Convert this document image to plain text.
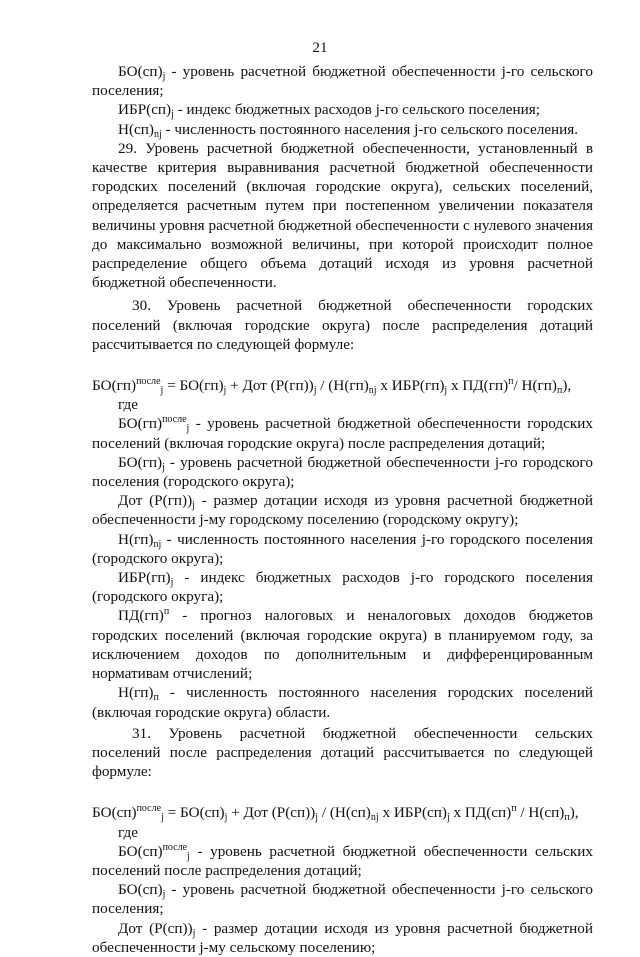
21

$БО(сп)_j$ - уровень расчетной бюджетной обеспеченности j-го сельского поселения;

$ИБР(сп)_j$ - индекс бюджетных расходов j-го сельского поселения;

$Н(сп)_{nj}$ - численность постоянного населения j-го сельского поселения.

29. Уровень расчетной бюджетной обеспеченности, установленный в качестве критерия выравнивания расчетной бюджетной обеспеченности городских поселений (включая городские округа), сельских поселений, определяется расчетным путем при постепенном увеличении показателя величины уровня расчетной бюджетной обеспеченности с нулевого значения до максимально возможной величины, при которой происходит полное распределение общего объема дотаций исходя из уровня расчетной бюджетной обеспеченности.

30. Уровень расчетной бюджетной обеспеченности городских поселений (включая городские округа) после распределения дотаций рассчитывается по следующей формуле:

$БО(гп)^{после}_j = БО(гп)_j$ + Дот $(Р(гп))_j / (Н(гп)_{nj}$ х $ИБР(гп)_j$ х ПД(гп)$^п$/ $Н(гп)_п$),

где

БО(гп)$^{после}_j$ - уровень расчетной бюджетной обеспеченности городских поселений (включая городские округа) после распределения дотаций;

$БО(гп)_j$ - уровень расчетной бюджетной обеспеченности j-го городского поселения (городского округа);

Дот $(Р(гп))_j$ - размер дотации исходя из уровня расчетной бюджетной обеспеченности j-му городскому поселению (городскому округу);

$Н(гп)_{nj}$ - численность постоянного населения j-го городского поселения (городского округа);

$ИБР(гп)_j$ - индекс бюджетных расходов j-го городского поселения (городского округа);

ПД(гп)$^п$ - прогноз налоговых и неналоговых доходов бюджетов городских поселений (включая городские округа) в планируемом году, за исключением доходов по дополнительным и дифференцированным нормативам отчислений;

$Н(гп)_п$ - численность постоянного населения городских поселений (включая городские округа) области.

31. Уровень расчетной бюджетной обеспеченности сельских поселений после распределения дотаций рассчитывается по следующей формуле:

$БО(сп)^{после}_j = БО(сп)_j$ + Дот $(Р(сп))_j / (Н(сп)_{nj}$ х $ИБР(сп)_j$ х $ПД(сп)^п / Н(сп)_п$),

где

БО(сп)$^{после}_j$ - уровень расчетной бюджетной обеспеченности сельских поселений после распределения дотаций;

$БО(сп)_j$ - уровень расчетной бюджетной обеспеченности j-го сельского поселения;

Дот $(Р(сп))_j$ - размер дотации исходя из уровня расчетной бюджетной обеспеченности j-му сельскому поселению;
